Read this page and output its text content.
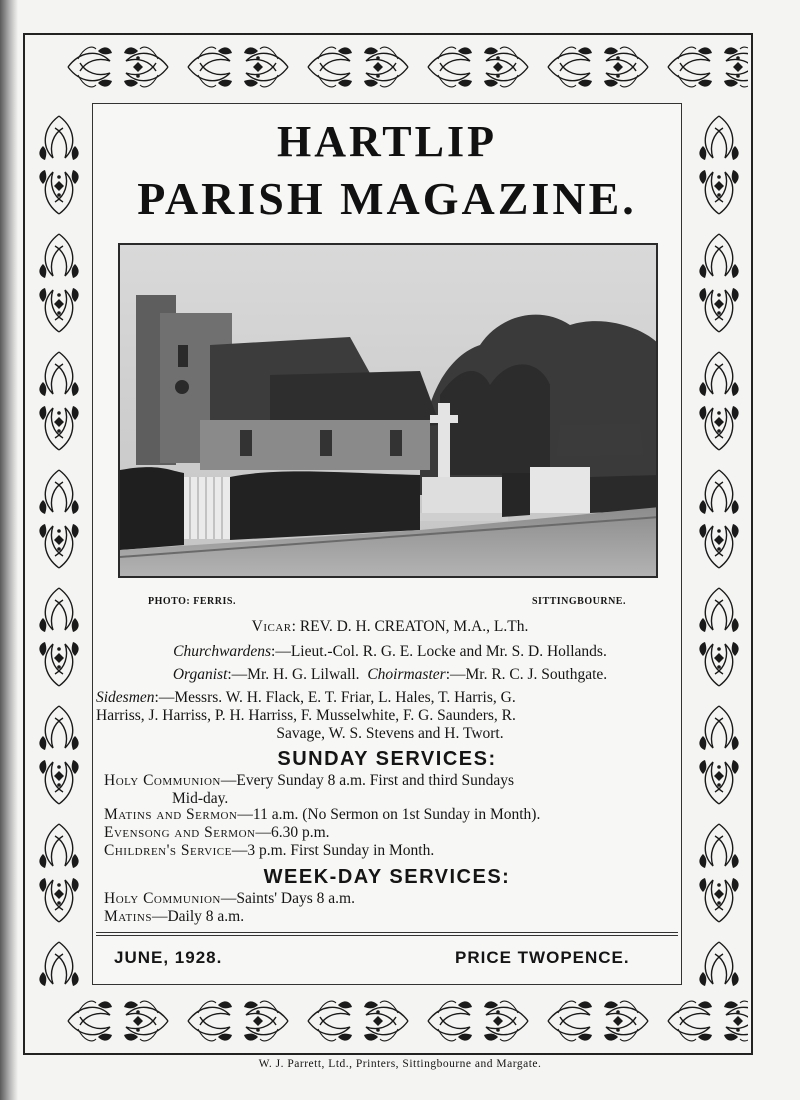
HARTLIP
PARISH MAGAZINE.
PHOTO: FERRIS.	SITTINGBOURNE.
Vicar: REV. D. H. CREATON, M.A., L.Th.
Churchwardens:—Lieut.-Col. R. G. E. Locke and Mr. S. D. Hollands.
Organist:—Mr. H. G. Lilwall. Choirmaster:—Mr. R. C. J. Southgate.
Sidesmen:—Messrs. W. H. Flack, E. T. Friar, L. Hales, T. Harris, G.
Harriss, J. Harriss, P. H. Harriss, F. Musselwhite, F. G. Saunders, R.
Savage, W. S. Stevens and H. Twort.
SUNDAY SERVICES:
Holy Communion—Every Sunday 8 a.m. First and third Sundays
Mid-day.
Matins and Sermon—11 a.m. (No Sermon on 1st Sunday in Month).
Evensong and Sermon—6.30 p.m.
Children's Service—3 p.m. First Sunday in Month.
WEEK-DAY SERVICES:
Holy Communion—Saints' Days 8 a.m.
Matins—Daily 8 a.m.
JUNE, 1928.	PRICE TWOPENCE.
W. J. Parrett, Ltd., Printers, Sittingbourne and Margate.
